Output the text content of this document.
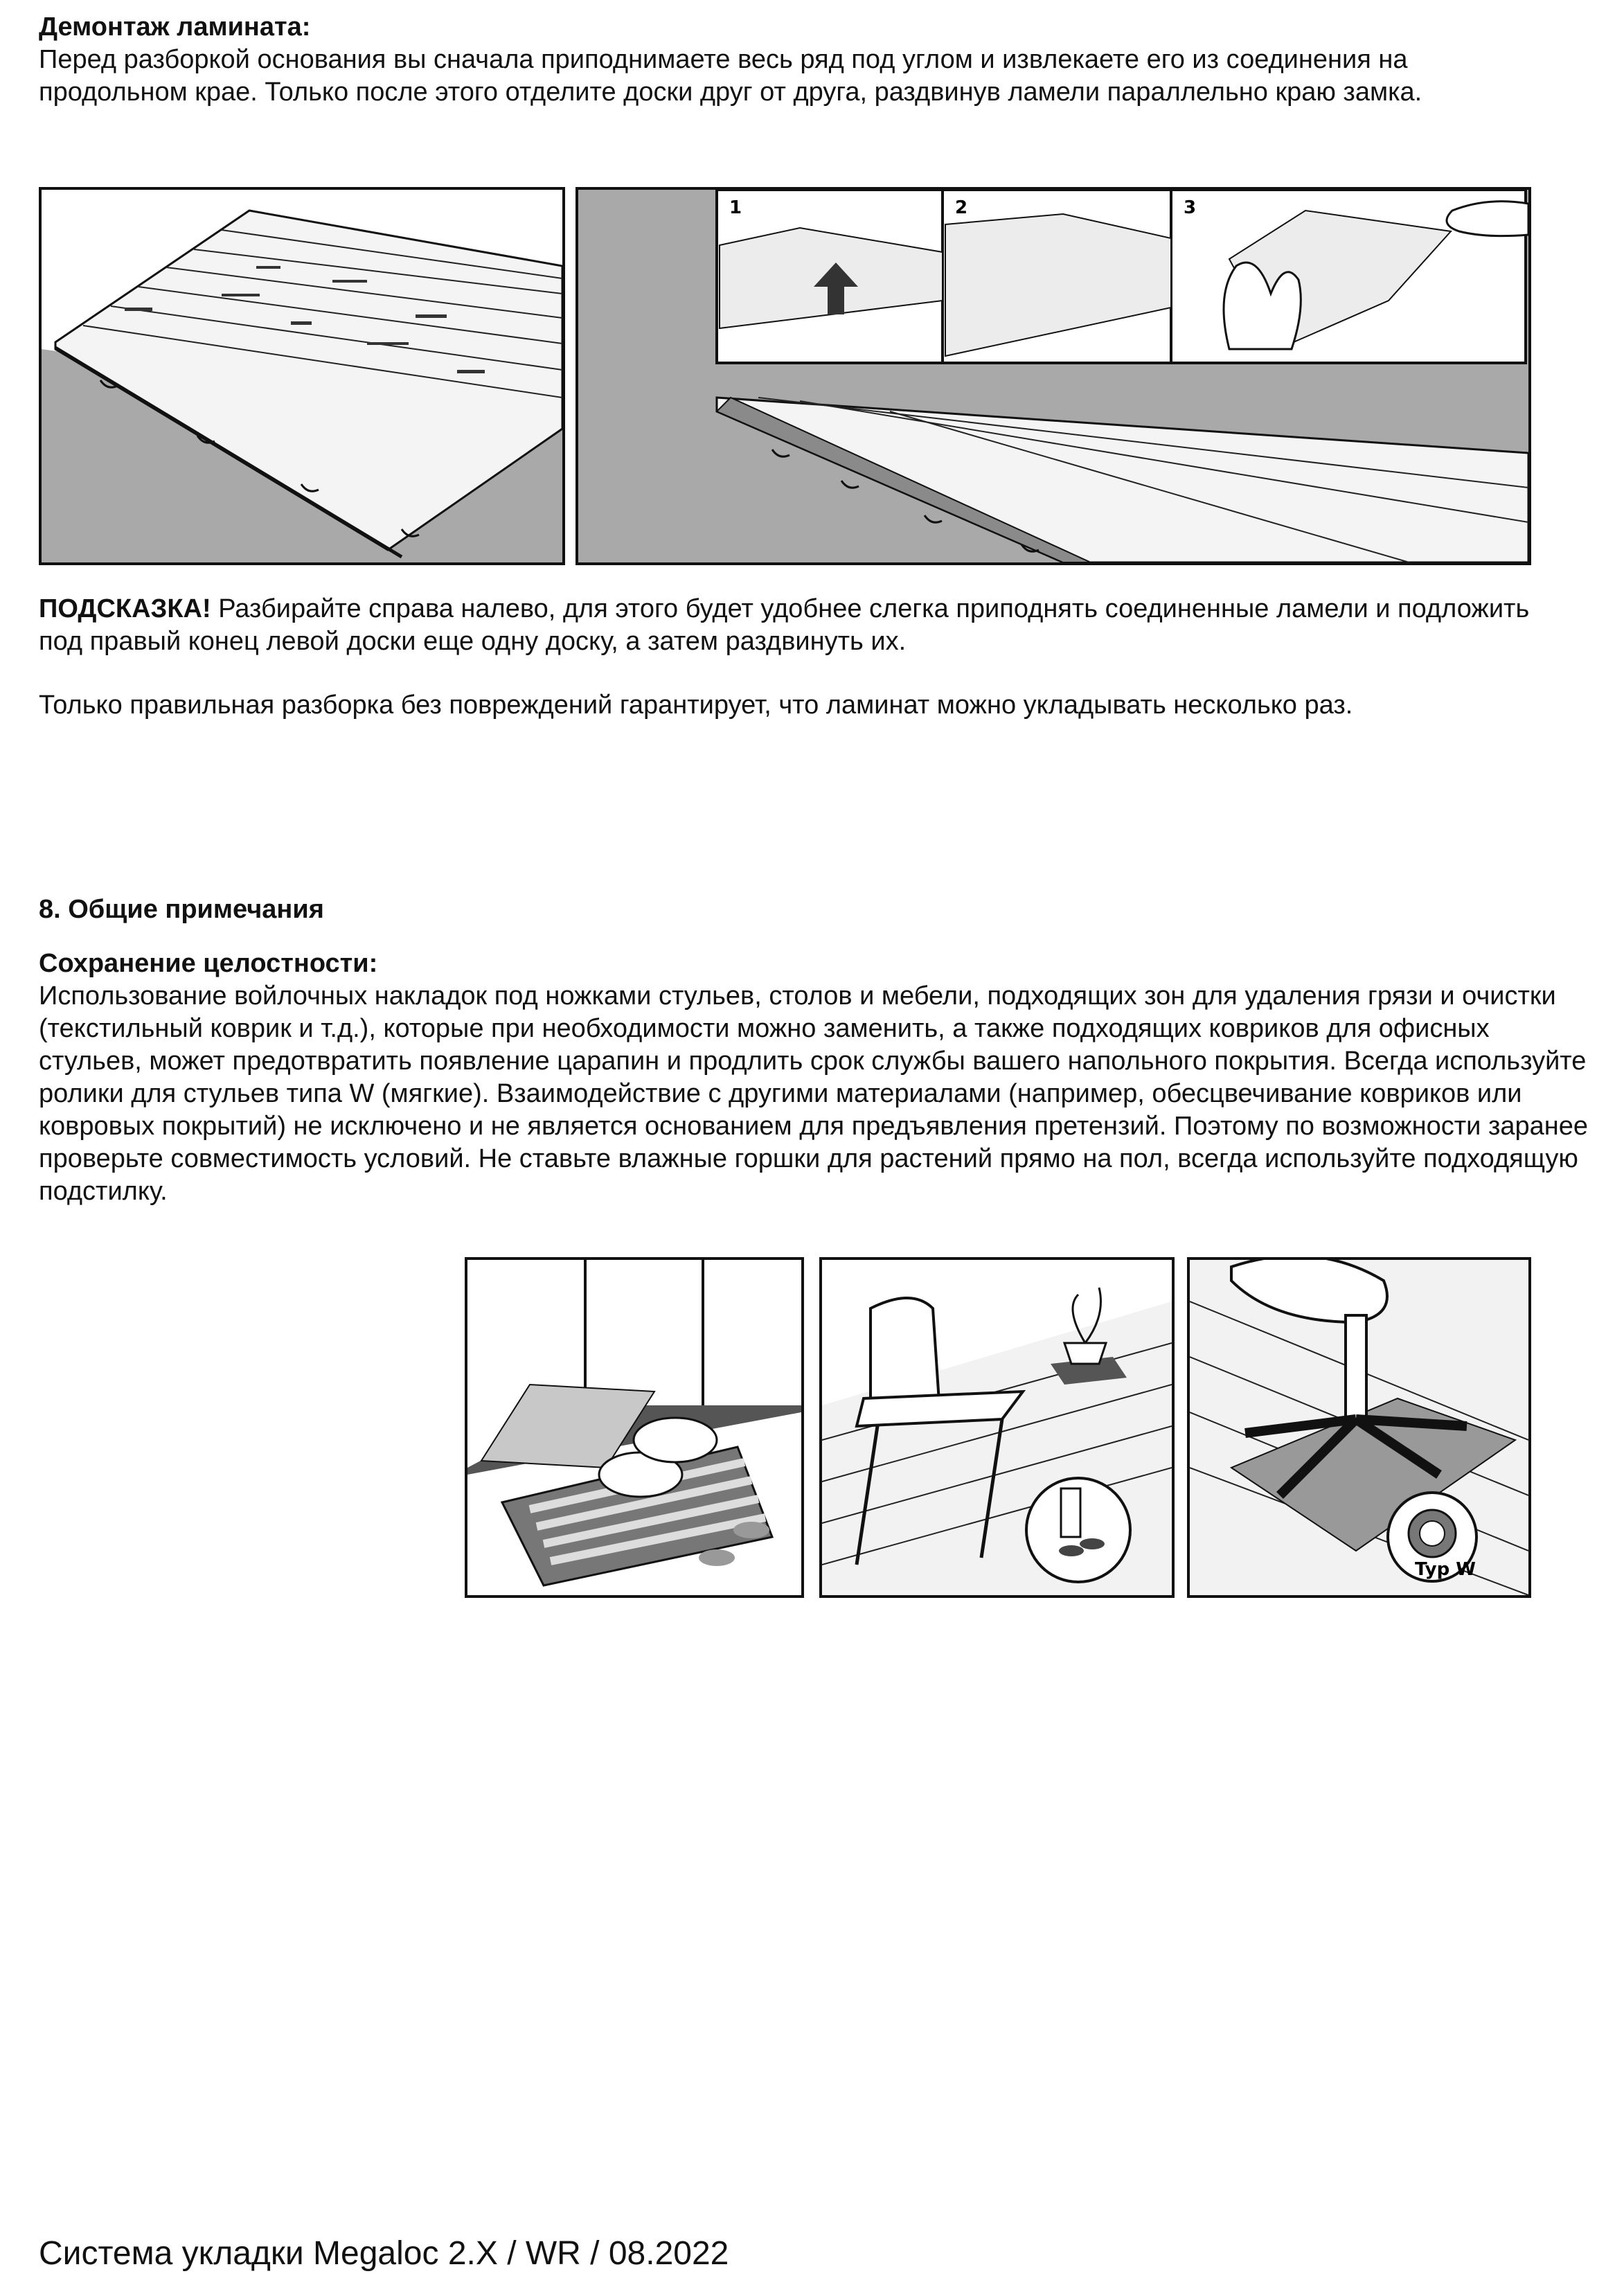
Демонтаж ламината:
Перед разборкой основания вы сначала приподнимаете весь ряд под углом и извлекаете его из соединения на продольном крае. Только после этого отделите доски друг от друга, раздвинув ламели параллельно краю замка.
1	2	3
ПОДСКАЗКА! Разбирайте справа налево, для этого будет удобнее слегка приподнять соединенные ламели и подложить под правый конец левой доски еще одну доску, а затем раздвинуть их.
Только правильная разборка без повреждений гарантирует, что ламинат можно укладывать несколько раз.
8. Общие примечания
Сохранение целостности:
Использование войлочных накладок под ножками стульев, столов и мебели, подходящих зон для удаления грязи и очистки (текстильный коврик и т.д.), которые при необходимости можно заменить, а также подходящих ковриков для офисных стульев, может предотвратить появление царапин и продлить срок службы вашего напольного покрытия. Всегда используйте ролики для стульев типа W (мягкие). Взаимодействие с другими материалами (например, обесцвечивание ковриков или ковровых покрытий) не исключено и не является основанием для предъявления претензий. Поэтому по возможности заранее проверьте совместимость условий. Не ставьте влажные горшки для растений прямо на пол, всегда используйте подходящую подстилку.
Typ W
Система укладки Megaloc 2.X / WR / 08.2022
